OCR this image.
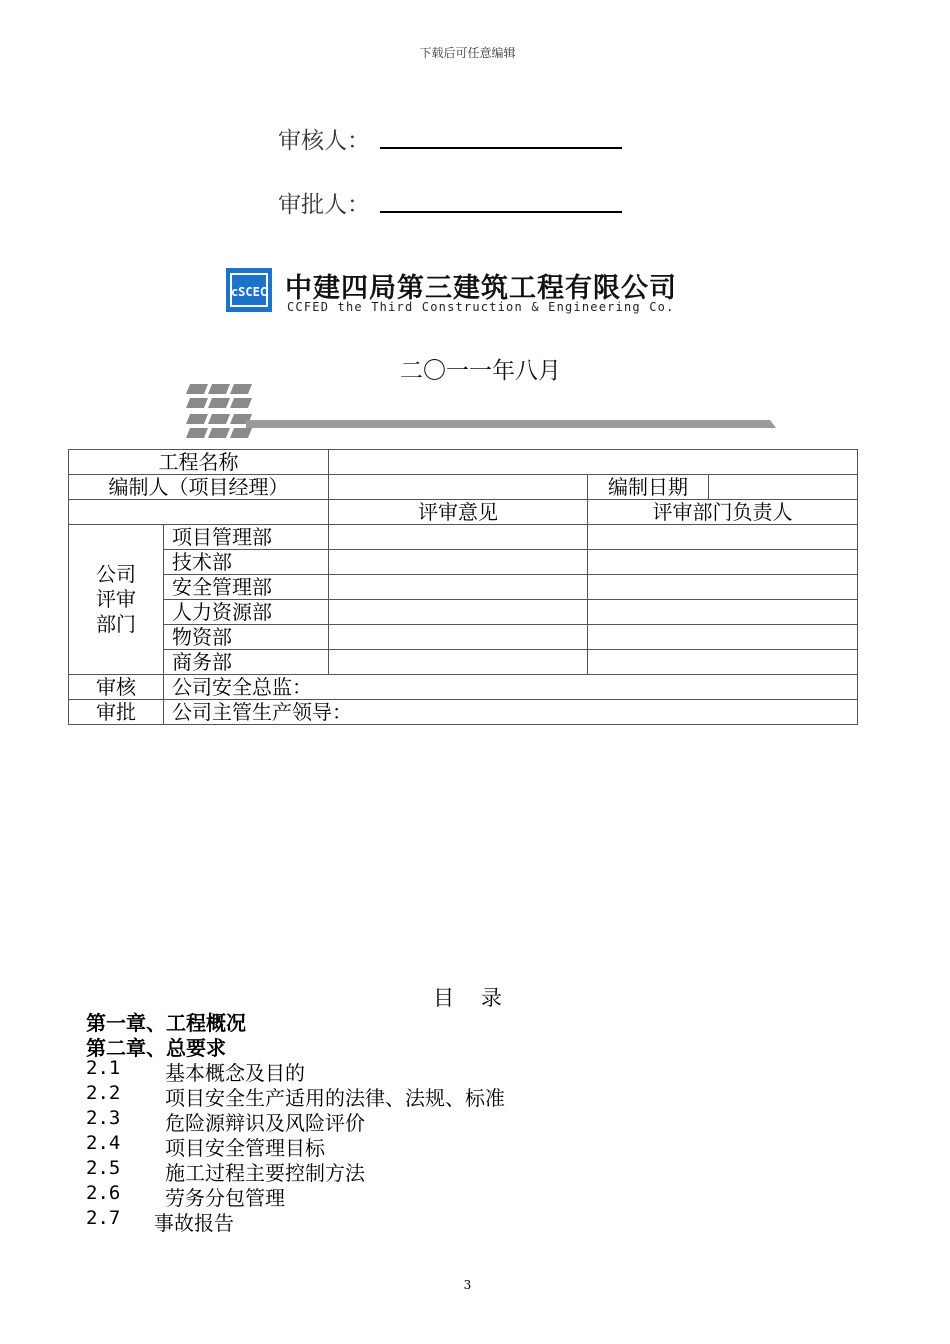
下载后可任意编辑
审核人：
审批人：
cSCEC 中建四局第三建筑工程有限公司
CCFED the Third Construction & Engineering Co.
二〇一一年八月
工程名称				
编制人（项目经理）			编制日期	
		评审意见	评审部门负责人	
公司
评审
部门	项目管理部			
	技术部			
	安全管理部			
	人力资源部			
	物资部			
	商务部			
审核	公司安全总监：			
审批	公司主管生产领导：			
目    录
第一章、工程概况
第二章、总要求
2.1 基本概念及目的
2.2 项目安全生产适用的法律、法规、标准
2.3 危险源辩识及风险评价
2.4 项目安全管理目标
2.5 施工过程主要控制方法
2.6 劳务分包管理
2.7 事故报告
3
